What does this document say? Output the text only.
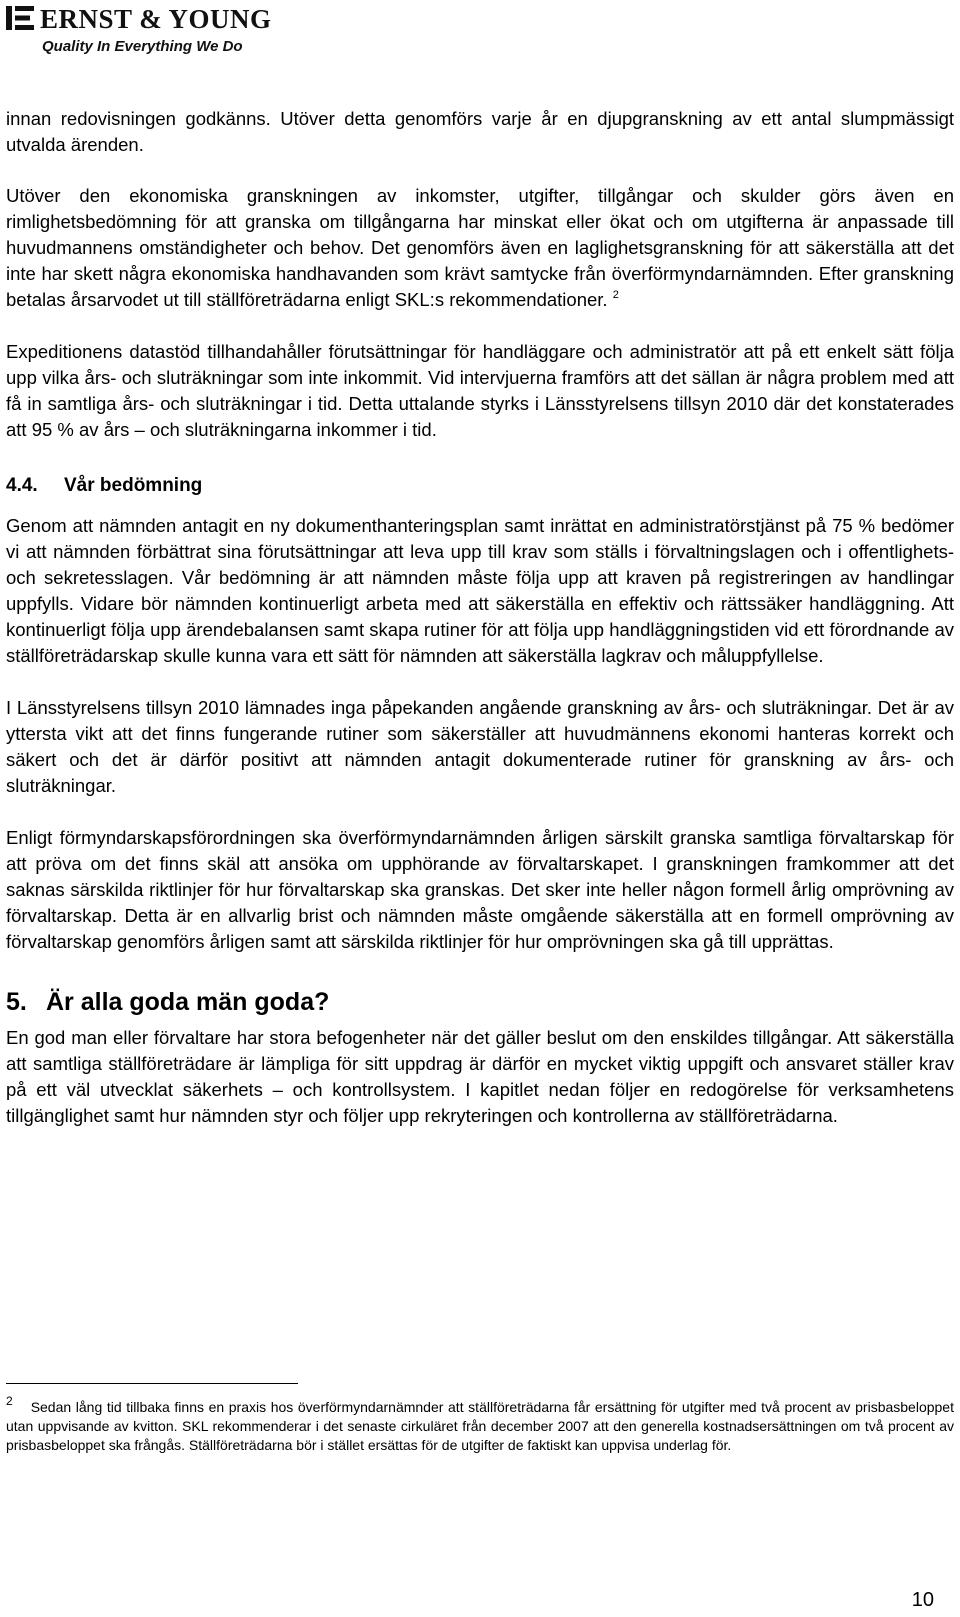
ERNST & YOUNG
Quality In Everything We Do

innan redovisningen godkänns. Utöver detta genomförs varje år en djupgranskning av ett antal slumpmässigt utvalda ärenden.

Utöver den ekonomiska granskningen av inkomster, utgifter, tillgångar och skulder görs även en rimlighetsbedömning för att granska om tillgångarna har minskat eller ökat och om utgifterna är anpassade till huvudmannens omständigheter och behov. Det genomförs även en laglighetsgranskning för att säkerställa att det inte har skett några ekonomiska handhavanden som krävt samtycke från överförmyndarnämnden. Efter granskning betalas årsarvodet ut till ställföreträdarna enligt SKL:s rekommendationer. $^2$

Expeditionens datastöd tillhandahåller förutsättningar för handläggare och administratör att på ett enkelt sätt följa upp vilka års- och sluträkningar som inte inkommit. Vid intervjuerna framförs att det sällan är några problem med att få in samtliga års- och sluträkningar i tid. Detta uttalande styrks i Länsstyrelsens tillsyn 2010 där det konstaterades att 95 % av års – och sluträkningarna inkommer i tid.

4.4. Vår bedömning

Genom att nämnden antagit en ny dokumenthanteringsplan samt inrättat en administratörstjänst på 75 % bedömer vi att nämnden förbättrat sina förutsättningar att leva upp till krav som ställs i förvaltningslagen och i offentlighets- och sekretesslagen. Vår bedömning är att nämnden måste följa upp att kraven på registreringen av handlingar uppfylls. Vidare bör nämnden kontinuerligt arbeta med att säkerställa en effektiv och rättssäker handläggning. Att kontinuerligt följa upp ärendebalansen samt skapa rutiner för att följa upp handläggningstiden vid ett förordnande av ställföreträdarskap skulle kunna vara ett sätt för nämnden att säkerställa lagkrav och måluppfyllelse.

I Länsstyrelsens tillsyn 2010 lämnades inga påpekanden angående granskning av års- och sluträkningar. Det är av yttersta vikt att det finns fungerande rutiner som säkerställer att huvudmännens ekonomi hanteras korrekt och säkert och det är därför positivt att nämnden antagit dokumenterade rutiner för granskning av års- och sluträkningar.

Enligt förmyndarskapsförordningen ska överförmyndarnämnden årligen särskilt granska samtliga förvaltarskap för att pröva om det finns skäl att ansöka om upphörande av förvaltarskapet. I granskningen framkommer att det saknas särskilda riktlinjer för hur förvaltarskap ska granskas. Det sker inte heller någon formell årlig omprövning av förvaltarskap. Detta är en allvarlig brist och nämnden måste omgående säkerställa att en formell omprövning av förvaltarskap genomförs årligen samt att särskilda riktlinjer för hur omprövningen ska gå till upprättas.

5. Är alla goda män goda?

En god man eller förvaltare har stora befogenheter när det gäller beslut om den enskildes tillgångar. Att säkerställa att samtliga ställföreträdare är lämpliga för sitt uppdrag är därför en mycket viktig uppgift och ansvaret ställer krav på ett väl utvecklat säkerhets – och kontrollsystem. I kapitlet nedan följer en redogörelse för verksamhetens tillgänglighet samt hur nämnden styr och följer upp rekryteringen och kontrollerna av ställföreträdarna.

2 Sedan lång tid tillbaka finns en praxis hos överförmyndarnämnder att ställföreträdarna får ersättning för utgifter med två procent av prisbasbeloppet utan uppvisande av kvitton. SKL rekommenderar i det senaste cirkuläret från december 2007 att den generella kostnadsersättningen om två procent av prisbasbeloppet ska frångås. Ställföreträdarna bör i stället ersättas för de utgifter de faktiskt kan uppvisa underlag för.
10
